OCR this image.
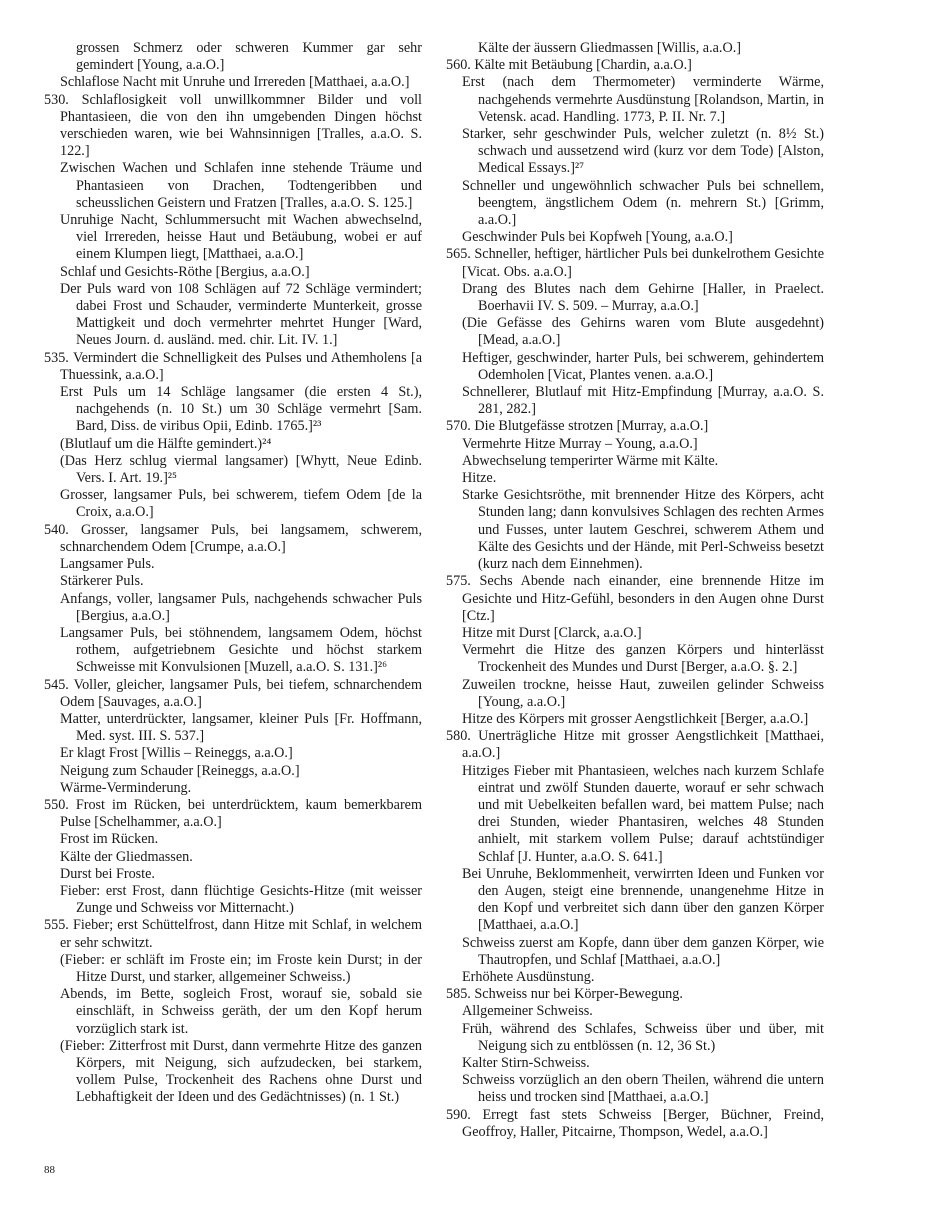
grossen Schmerz oder schweren Kummer gar sehr gemindert [Young, a.a.O.]

Schlaflose Nacht mit Unruhe und Irrereden [Matthaei, a.a.O.]

530. Schlaflosigkeit voll unwillkommner Bilder und voll Phantasieen, die von den ihn umgebenden Dingen höchst verschieden waren, wie bei Wahnsinnigen [Tralles, a.a.O. S. 122.]

Zwischen Wachen und Schlafen inne stehende Träume und Phantasieen von Drachen, Todtengeribben und scheusslichen Geistern und Fratzen [Tralles, a.a.O. S. 125.]

Unruhige Nacht, Schlummersucht mit Wachen abwechselnd, viel Irrereden, heisse Haut und Betäubung, wobei er auf einem Klumpen liegt, [Matthaei, a.a.O.]

Schlaf und Gesichts-Röthe [Bergius, a.a.O.]

Der Puls ward von 108 Schlägen auf 72 Schläge vermindert; dabei Frost und Schauder, verminderte Munterkeit, grosse Mattigkeit und doch vermehrter mehrtet Hunger [Ward, Neues Journ. d. ausländ. med. chir. Lit. IV. 1.]

535. Vermindert die Schnelligkeit des Pulses und Athemholens [a Thuessink, a.a.O.]

Erst Puls um 14 Schläge langsamer (die ersten 4 St.), nachgehends (n. 10 St.) um 30 Schläge vermehrt [Sam. Bard, Diss. de viribus Opii, Edinb. 1765.]²³

(Blutlauf um die Hälfte gemindert.)²⁴

(Das Herz schlug viermal langsamer) [Whytt, Neue Edinb. Vers. I. Art. 19.]²⁵

Grosser, langsamer Puls, bei schwerem, tiefem Odem [de la Croix, a.a.O.]

540. Grosser, langsamer Puls, bei langsamem, schwerem, schnarchendem Odem [Crumpe, a.a.O.]

Langsamer Puls.

Stärkerer Puls.

Anfangs, voller, langsamer Puls, nachgehends schwacher Puls [Bergius, a.a.O.]

Langsamer Puls, bei stöhnendem, langsamem Odem, höchst rothem, aufgetriebnem Gesichte und höchst starkem Schweisse mit Konvulsionen [Muzell, a.a.O. S. 131.]²⁶

545. Voller, gleicher, langsamer Puls, bei tiefem, schnarchendem Odem [Sauvages, a.a.O.]

Matter, unterdrückter, langsamer, kleiner Puls [Fr. Hoffmann, Med. syst. III. S. 537.]

Er klagt Frost [Willis – Reineggs, a.a.O.]

Neigung zum Schauder [Reineggs, a.a.O.]

Wärme-Verminderung.

550. Frost im Rücken, bei unterdrücktem, kaum bemerkbarem Pulse [Schelhammer, a.a.O.]

Frost im Rücken.

Kälte der Gliedmassen.

Durst bei Froste.

Fieber: erst Frost, dann flüchtige Gesichts-Hitze (mit weisser Zunge und Schweiss vor Mitternacht.)

555. Fieber; erst Schüttelfrost, dann Hitze mit Schlaf, in welchem er sehr schwitzt.

(Fieber: er schläft im Froste ein; im Froste kein Durst; in der Hitze Durst, und starker, allgemeiner Schweiss.)

Abends, im Bette, sogleich Frost, worauf sie, sobald sie einschläft, in Schweiss geräth, der um den Kopf herum vorzüglich stark ist.

(Fieber: Zitterfrost mit Durst, dann vermehrte Hitze des ganzen Körpers, mit Neigung, sich aufzudecken, bei starkem, vollem Pulse, Trockenheit des Rachens ohne Durst und Lebhaftigkeit der Ideen und des Gedächtnisses) (n. 1 St.)

Kälte der äussern Gliedmassen [Willis, a.a.O.]

560. Kälte mit Betäubung [Chardin, a.a.O.]

Erst (nach dem Thermometer) verminderte Wärme, nachgehends vermehrte Ausdünstung [Rolandson, Martin, in Vetensk. acad. Handling. 1773, P. II. Nr. 7.]

Starker, sehr geschwinder Puls, welcher zuletzt (n. 8½ St.) schwach und aussetzend wird (kurz vor dem Tode) [Alston, Medical Essays.]²⁷

Schneller und ungewöhnlich schwacher Puls bei schnellem, beengtem, ängstlichem Odem (n. mehrern St.) [Grimm, a.a.O.]

Geschwinder Puls bei Kopfweh [Young, a.a.O.]

565. Schneller, heftiger, härtlicher Puls bei dunkelrothem Gesichte [Vicat. Obs. a.a.O.]

Drang des Blutes nach dem Gehirne [Haller, in Praelect. Boerhavii IV. S. 509. – Murray, a.a.O.]

(Die Gefässe des Gehirns waren vom Blute ausgedehnt) [Mead, a.a.O.]

Heftiger, geschwinder, harter Puls, bei schwerem, gehindertem Odemholen [Vicat, Plantes venen. a.a.O.]

Schnellerer, Blutlauf mit Hitz-Empfindung [Murray, a.a.O. S. 281, 282.]

570. Die Blutgefässe strotzen [Murray, a.a.O.]

Vermehrte Hitze Murray – Young, a.a.O.]

Abwechselung temperirter Wärme mit Kälte.

Hitze.

Starke Gesichtsröthe, mit brennender Hitze des Körpers, acht Stunden lang; dann konvulsives Schlagen des rechten Armes und Fusses, unter lautem Geschrei, schwerem Athem und Kälte des Gesichts und der Hände, mit Perl-Schweiss besetzt (kurz nach dem Einnehmen).

575. Sechs Abende nach einander, eine brennende Hitze im Gesichte und Hitz-Gefühl, besonders in den Augen ohne Durst [Ctz.]

Hitze mit Durst [Clarck, a.a.O.]

Vermehrt die Hitze des ganzen Körpers und hinterlässt Trockenheit des Mundes und Durst [Berger, a.a.O. §. 2.]

Zuweilen trockne, heisse Haut, zuweilen gelinder Schweiss [Young, a.a.O.]

Hitze des Körpers mit grosser Aengstlichkeit [Berger, a.a.O.]

580. Unerträgliche Hitze mit grosser Aengstlichkeit [Matthaei, a.a.O.]

Hitziges Fieber mit Phantasieen, welches nach kurzem Schlafe eintrat und zwölf Stunden dauerte, worauf er sehr schwach und mit Uebelkeiten befallen ward, bei mattem Pulse; nach drei Stunden, wieder Phantasiren, welches 48 Stunden anhielt, mit starkem vollem Pulse; darauf achtstündiger Schlaf [J. Hunter, a.a.O. S. 641.]

Bei Unruhe, Beklommenheit, verwirrten Ideen und Funken vor den Augen, steigt eine brennende, unangenehme Hitze in den Kopf und verbreitet sich dann über den ganzen Körper [Matthaei, a.a.O.]

Schweiss zuerst am Kopfe, dann über dem ganzen Körper, wie Thautropfen, und Schlaf [Matthaei, a.a.O.]

Erhöhete Ausdünstung.

585. Schweiss nur bei Körper-Bewegung.

Allgemeiner Schweiss.

Früh, während des Schlafes, Schweiss über und über, mit Neigung sich zu entblössen (n. 12, 36 St.)

Kalter Stirn-Schweiss.

Schweiss vorzüglich an den obern Theilen, während die untern heiss und trocken sind [Matthaei, a.a.O.]

590. Erregt fast stets Schweiss [Berger, Büchner, Freind, Geoffroy, Haller, Pitcairne, Thompson, Wedel, a.a.O.]

88
